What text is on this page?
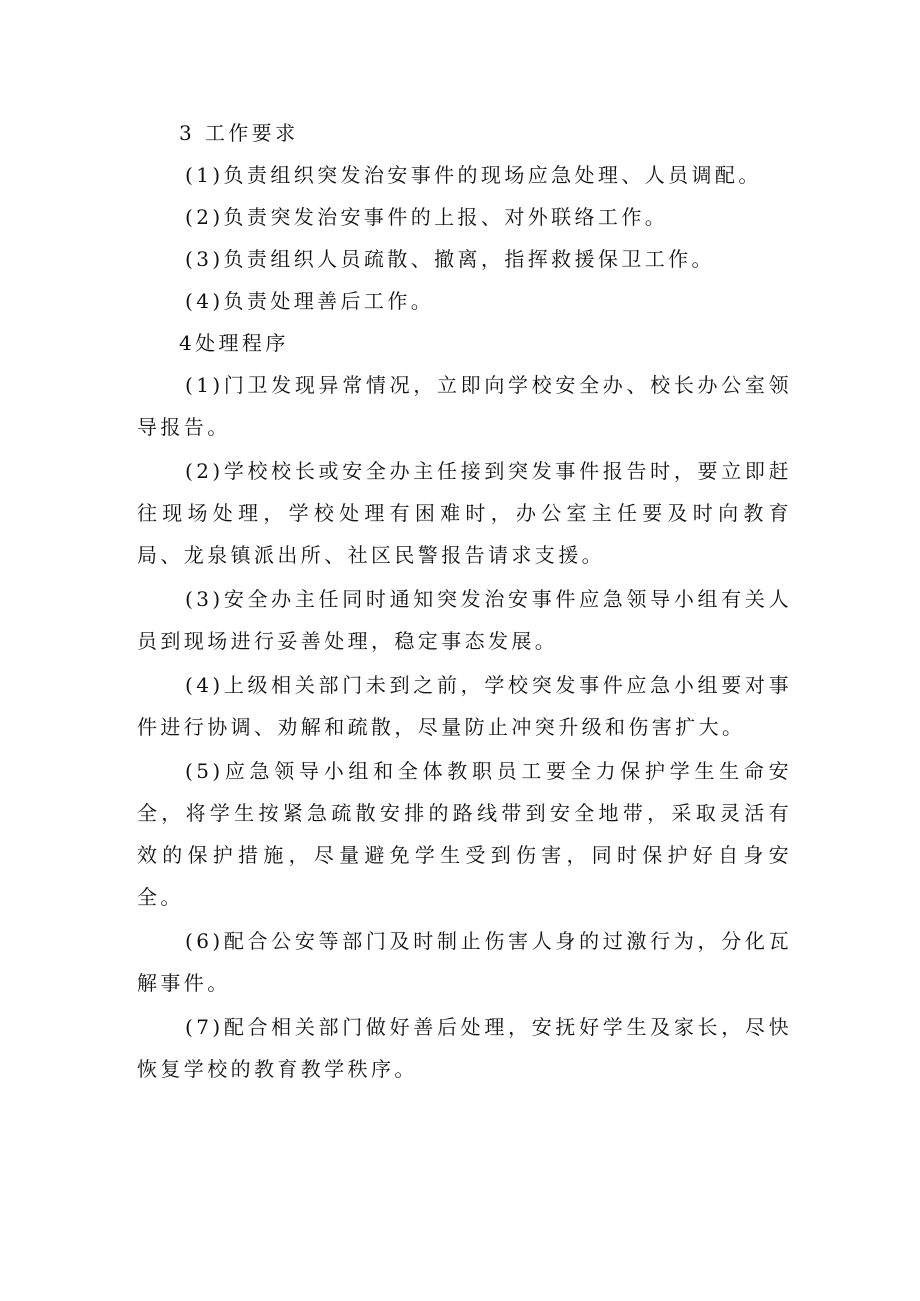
3 工作要求

(1)负责组织突发治安事件的现场应急处理、人员调配。

(2)负责突发治安事件的上报、对外联络工作。

(3)负责组织人员疏散、撤离，指挥救援保卫工作。

(4)负责处理善后工作。

4处理程序

(1)门卫发现异常情况，立即向学校安全办、校长办公室领导报告。

(2)学校校长或安全办主任接到突发事件报告时，要立即赶往现场处理，学校处理有困难时，办公室主任要及时向教育局、龙泉镇派出所、社区民警报告请求支援。

(3)安全办主任同时通知突发治安事件应急领导小组有关人员到现场进行妥善处理，稳定事态发展。

(4)上级相关部门未到之前，学校突发事件应急小组要对事件进行协调、劝解和疏散，尽量防止冲突升级和伤害扩大。

(5)应急领导小组和全体教职员工要全力保护学生生命安全，将学生按紧急疏散安排的路线带到安全地带，采取灵活有效的保护措施，尽量避免学生受到伤害，同时保护好自身安全。

(6)配合公安等部门及时制止伤害人身的过激行为，分化瓦解事件。

(7)配合相关部门做好善后处理，安抚好学生及家长，尽快恢复学校的教育教学秩序。
